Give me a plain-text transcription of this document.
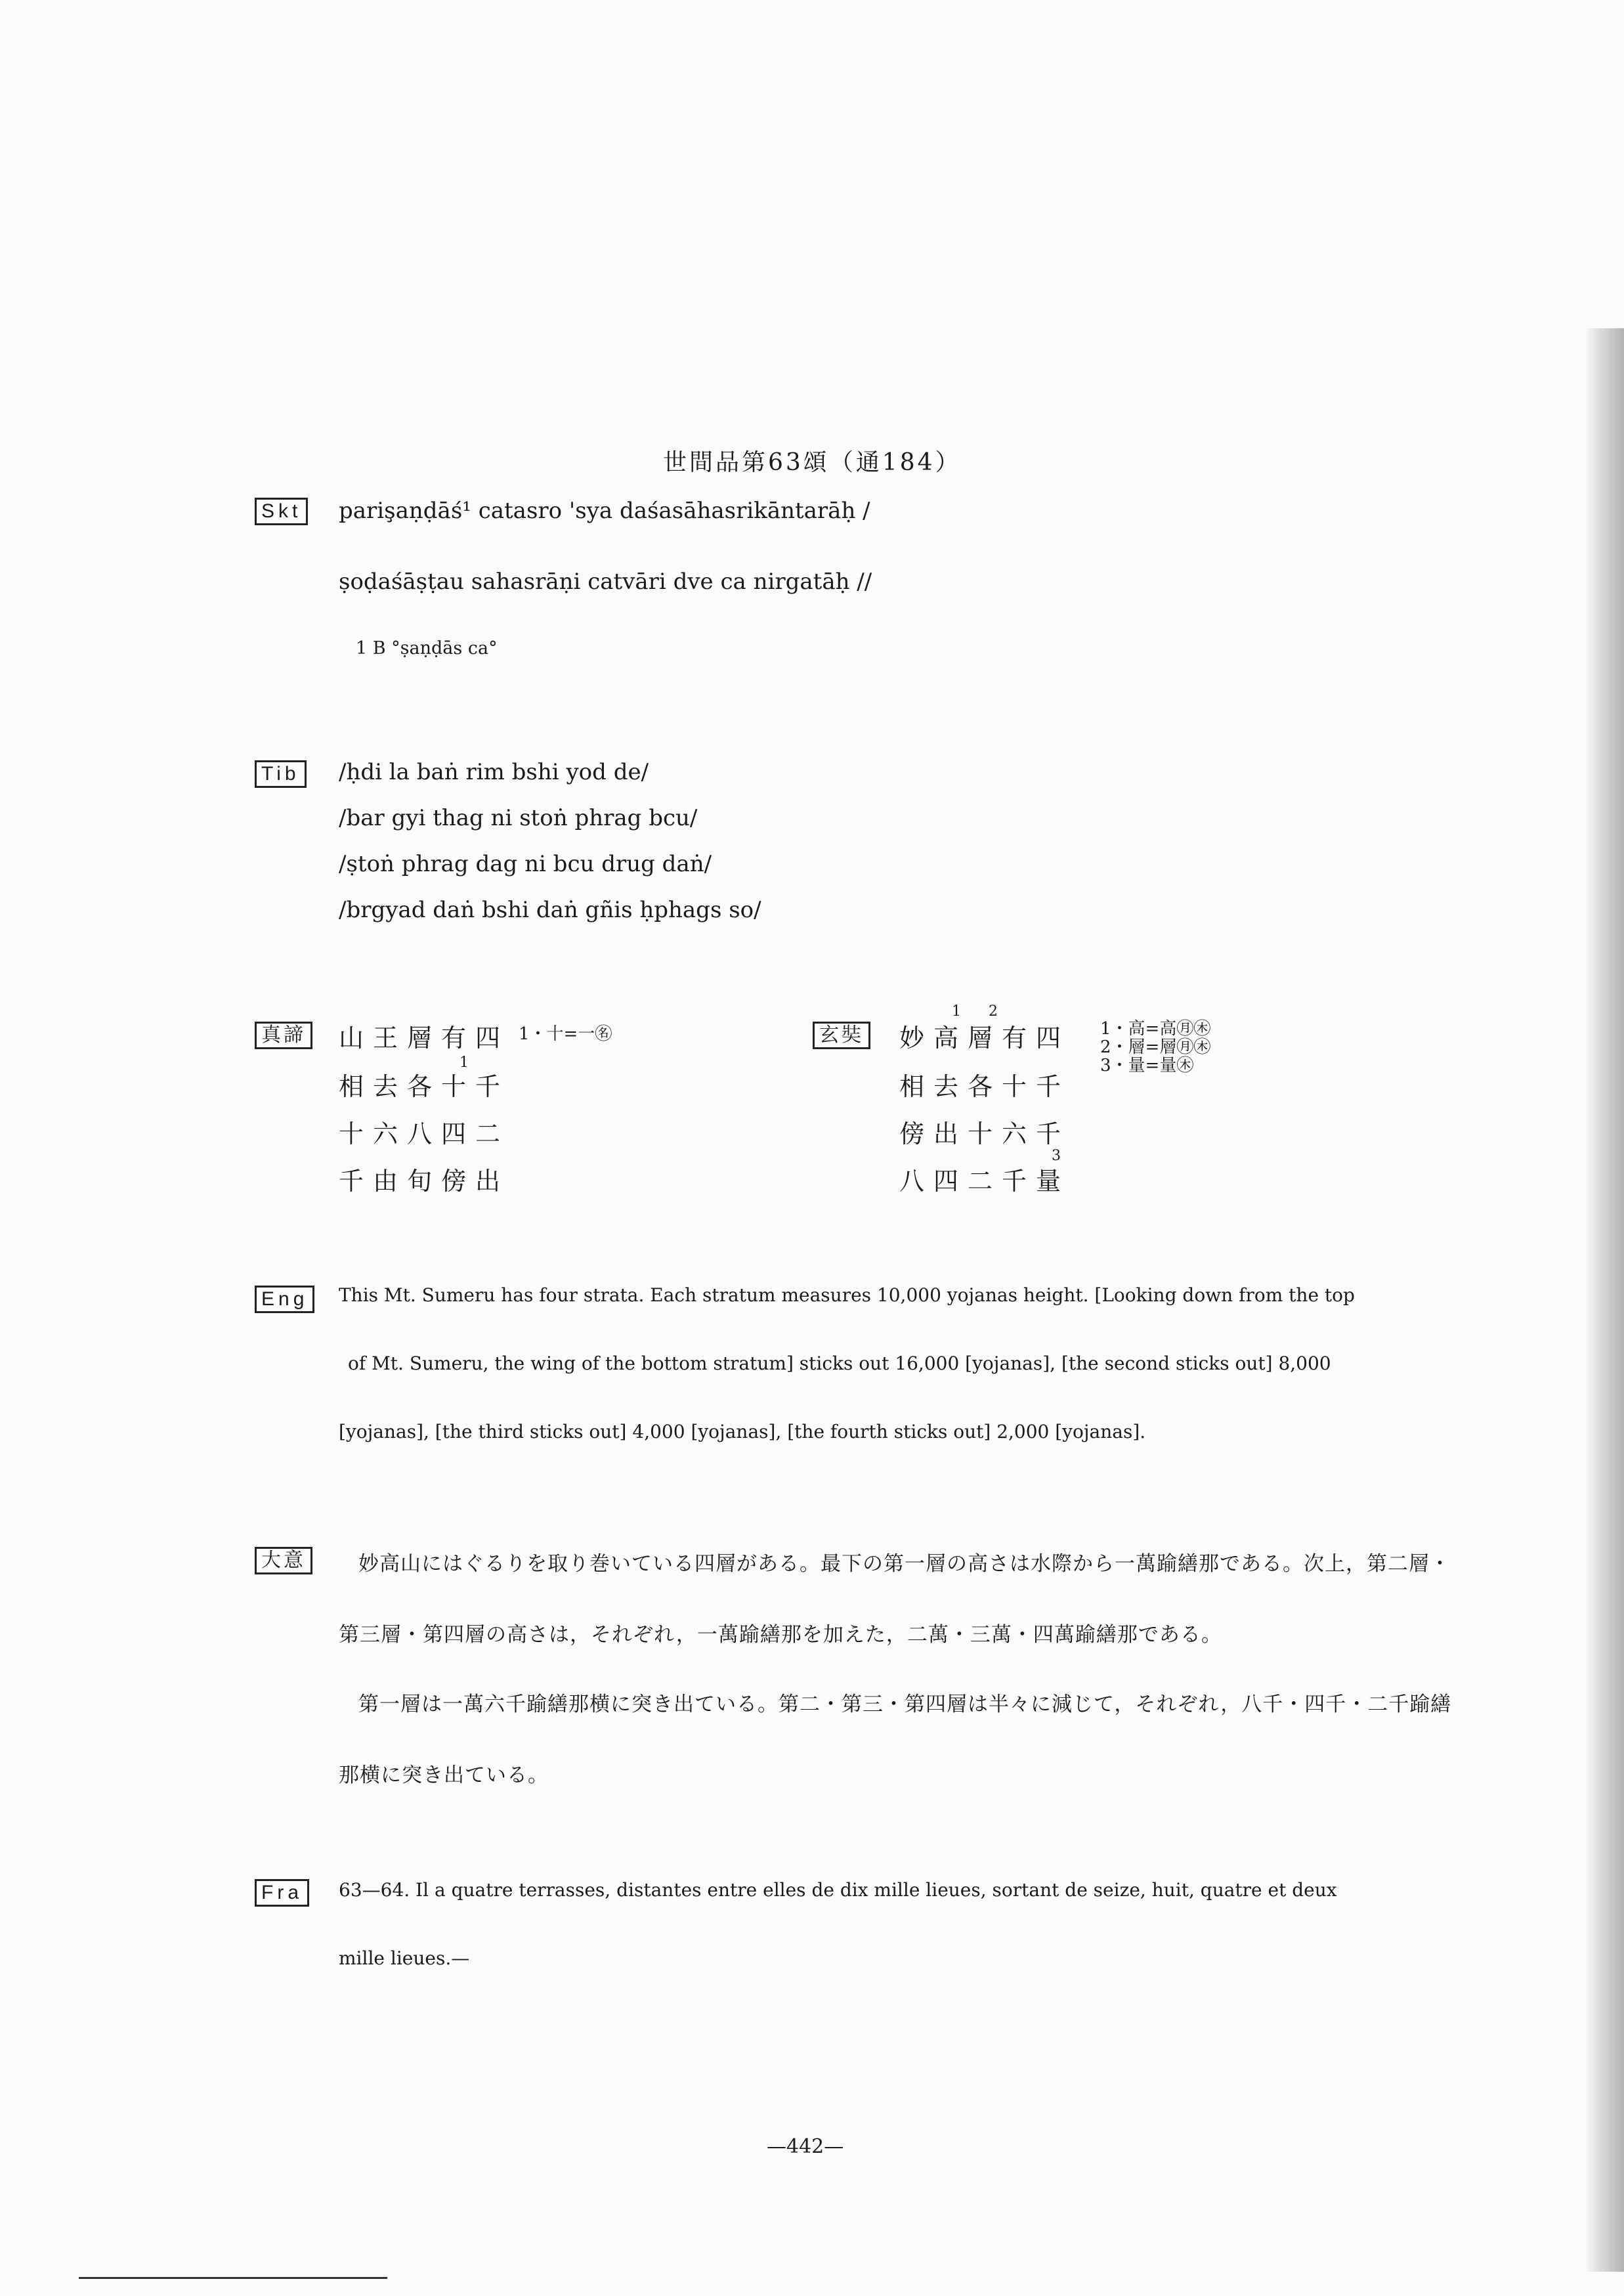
世間品第63頌（通184）
Skt parişaṇḍāś¹ catasro 'sya daśasāhasrikāntarāḥ /
ṣoḍaśāṣṭau sahasrāṇi catvāri dve ca nirgatāḥ //
1 B °ṣaṇḍās ca°
Tib /ḥdi la baṅ rim bshi yod de/
/bar gyi thag ni stoṅ phrag bcu/
/ṣtoṅ phrag dag ni bcu drug daṅ/
/brgyad daṅ bshi daṅ gñis ḥphags so/
真諦 山王層有四
相去各十千
十六八四二
千由旬傍出
1
1・十=一㊔	玄奘 妙高層有四
相去各十千
傍出十六千
八四二千量
1 2
3
1・高=高㊊㊍
2・層=層㊊㊍
3・量=量㊍
Eng	This Mt. Sumeru has four strata. Each stratum measures 10,000 yojanas height. [Looking down from the top
of Mt. Sumeru, the wing of the bottom stratum] sticks out 16,000 [yojanas], [the second sticks out] 8,000
[yojanas], [the third sticks out] 4,000 [yojanas], [the fourth sticks out] 2,000 [yojanas].
大意	妙高山にはぐるりを取り巻いている四層がある。最下の第一層の高さは水際から一萬踰繕那である。次上，第二層・
第三層・第四層の高さは，それぞれ，一萬踰繕那を加えた，二萬・三萬・四萬踰繕那である。
第一層は一萬六千踰繕那横に突き出ている。第二・第三・第四層は半々に減じて，それぞれ，八千・四千・二千踰繕
那横に突き出ている。
Fra	63—64. Il a quatre terrasses, distantes entre elles de dix mille lieues, sortant de seize, huit, quatre et deux
mille lieues.—
—442—
